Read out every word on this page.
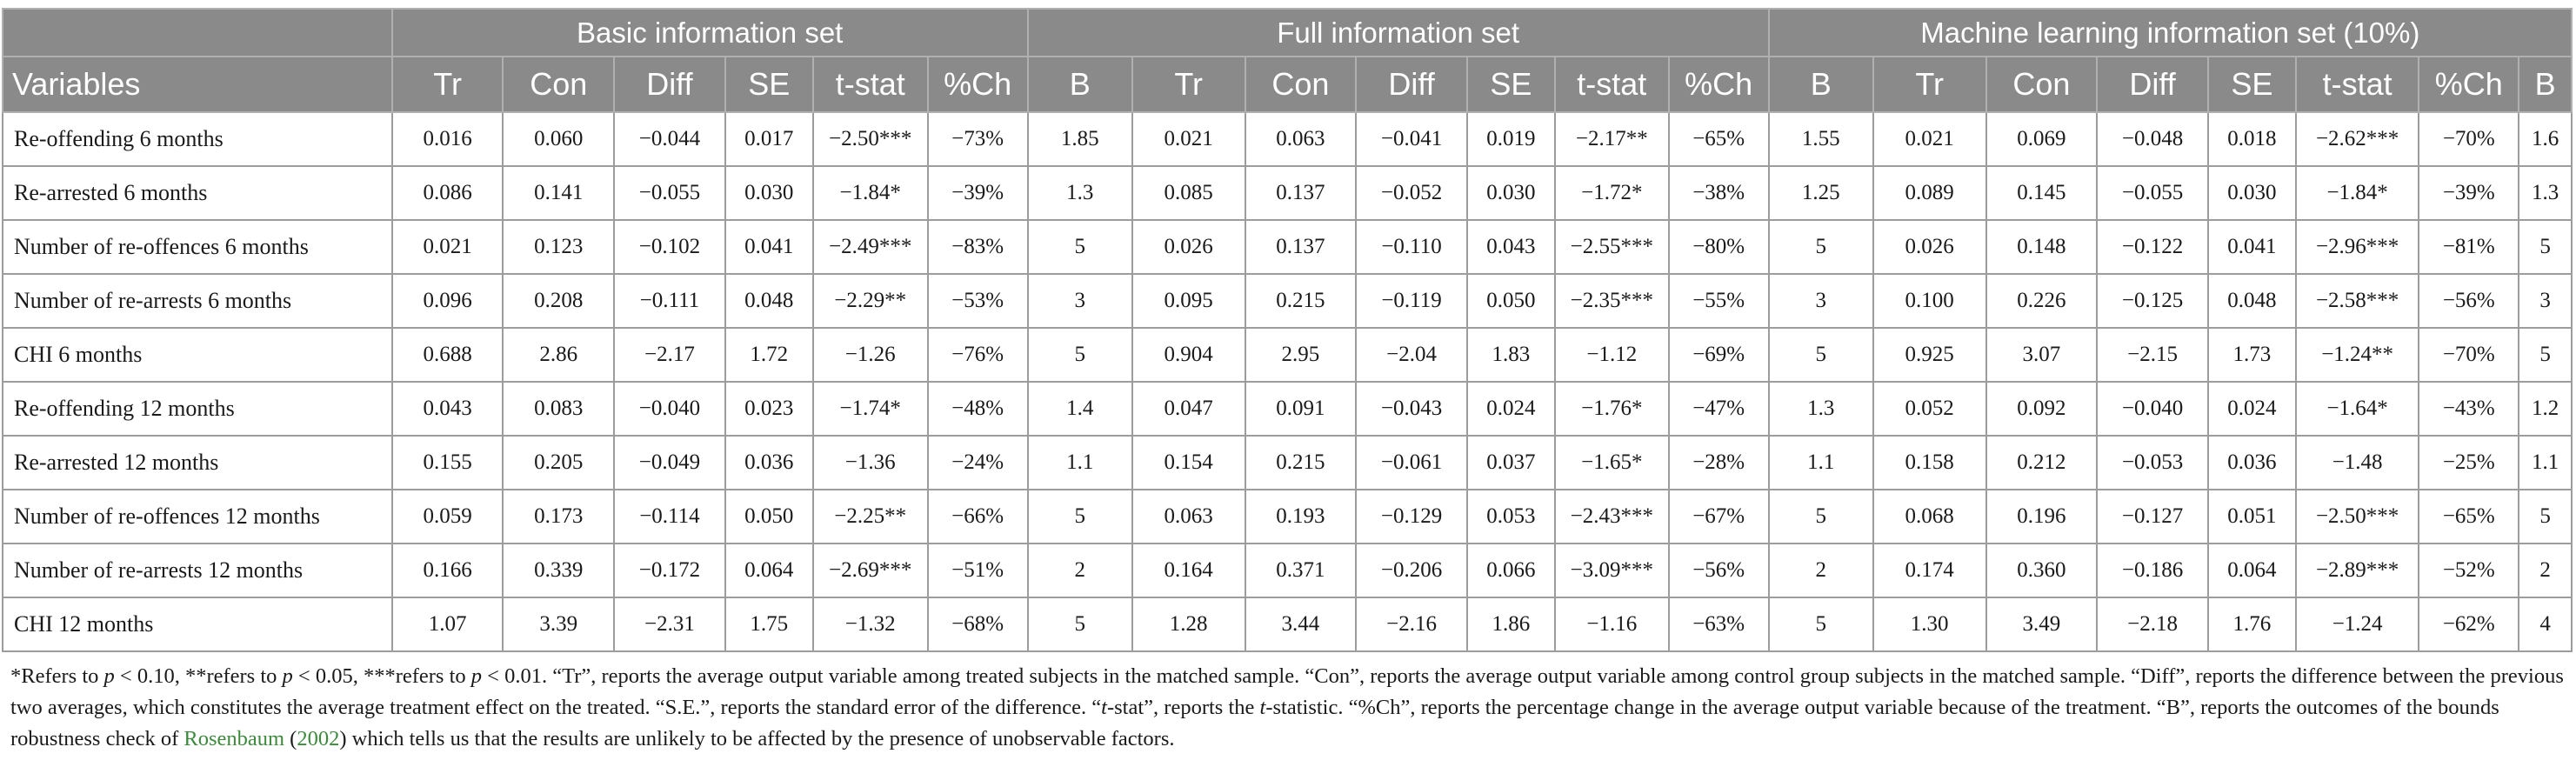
	Basic information set						Full information set							Machine learning information set (10%)							
Variables	Tr	Con	Diff	SE	t-stat	%Ch	B	Tr	Con	Diff	SE	t-stat	%Ch	B	Tr	Con	Diff	SE	t-stat	%Ch	B
Re-offending 6 months	0.016	0.060	−0.044	0.017	−2.50***	−73%	1.85	0.021	0.063	−0.041	0.019	−2.17**	−65%	1.55	0.021	0.069	−0.048	0.018	−2.62***	−70%	1.6
Re-arrested 6 months	0.086	0.141	−0.055	0.030	−1.84*	−39%	1.3	0.085	0.137	−0.052	0.030	−1.72*	−38%	1.25	0.089	0.145	−0.055	0.030	−1.84*	−39%	1.3
Number of re-offences 6 months	0.021	0.123	−0.102	0.041	−2.49***	−83%	5	0.026	0.137	−0.110	0.043	−2.55***	−80%	5	0.026	0.148	−0.122	0.041	−2.96***	−81%	5
Number of re-arrests 6 months	0.096	0.208	−0.111	0.048	−2.29**	−53%	3	0.095	0.215	−0.119	0.050	−2.35***	−55%	3	0.100	0.226	−0.125	0.048	−2.58***	−56%	3
CHI 6 months	0.688	2.86	−2.17	1.72	−1.26	−76%	5	0.904	2.95	−2.04	1.83	−1.12	−69%	5	0.925	3.07	−2.15	1.73	−1.24**	−70%	5
Re-offending 12 months	0.043	0.083	−0.040	0.023	−1.74*	−48%	1.4	0.047	0.091	−0.043	0.024	−1.76*	−47%	1.3	0.052	0.092	−0.040	0.024	−1.64*	−43%	1.2
Re-arrested 12 months	0.155	0.205	−0.049	0.036	−1.36	−24%	1.1	0.154	0.215	−0.061	0.037	−1.65*	−28%	1.1	0.158	0.212	−0.053	0.036	−1.48	−25%	1.1
Number of re-offences 12 months	0.059	0.173	−0.114	0.050	−2.25**	−66%	5	0.063	0.193	−0.129	0.053	−2.43***	−67%	5	0.068	0.196	−0.127	0.051	−2.50***	−65%	5
Number of re-arrests 12 months	0.166	0.339	−0.172	0.064	−2.69***	−51%	2	0.164	0.371	−0.206	0.066	−3.09***	−56%	2	0.174	0.360	−0.186	0.064	−2.89***	−52%	2
CHI 12 months	1.07	3.39	−2.31	1.75	−1.32	−68%	5	1.28	3.44	−2.16	1.86	−1.16	−63%	5	1.30	3.49	−2.18	1.76	−1.24	−62%	4
*Refers to p < 0.10, **refers to p < 0.05, ***refers to p < 0.01. “Tr”, reports the average output variable among treated subjects in the matched sample. “Con”, reports the average output variable among control group subjects in the matched sample. “Diff”, reports the difference between the previous two averages, which constitutes the average treatment effect on the treated. “S.E.”, reports the standard error of the difference. “t-stat”, reports the t-statistic. “%Ch”, reports the percentage change in the average output variable because of the treatment. “B”, reports the outcomes of the bounds robustness check of Rosenbaum (2002) which tells us that the results are unlikely to be affected by the presence of unobservable factors.
